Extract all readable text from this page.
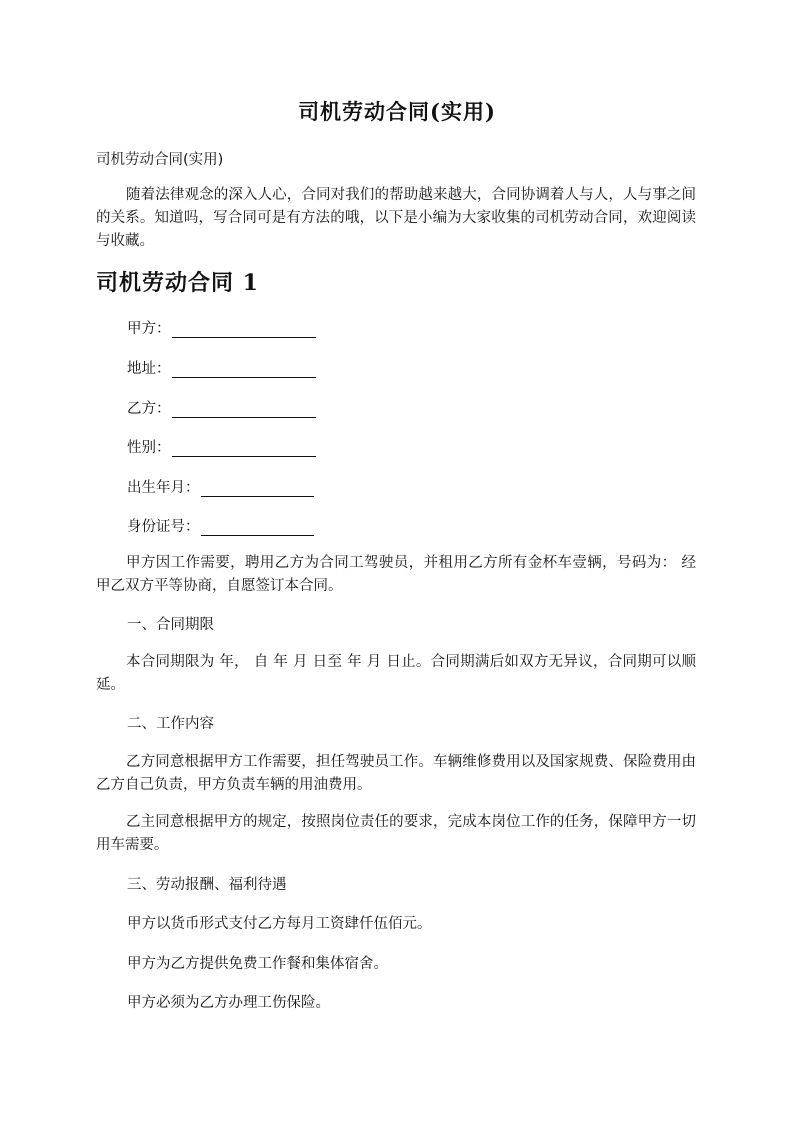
司机劳动合同(实用)
司机劳动合同(实用)
随着法律观念的深入人心，合同对我们的帮助越来越大，合同协调着人与人，人与事之间的关系。知道吗，写合同可是有方法的哦，以下是小编为大家收集的司机劳动合同，欢迎阅读与收藏。
司机劳动合同 1
甲方：
地址：
乙方：
性别：
出生年月：
身份证号：
甲方因工作需要，聘用乙方为合同工驾驶员，并租用乙方所有金杯车壹辆，号码为： 经甲乙双方平等协商，自愿签订本合同。
一、合同期限
本合同期限为 年， 自 年 月 日至 年 月 日止。合同期满后如双方无异议，合同期可以顺延。
二、工作内容
乙方同意根据甲方工作需要，担任驾驶员工作。车辆维修费用以及国家规费、保险费用由乙方自己负责，甲方负责车辆的用油费用。
乙主同意根据甲方的规定，按照岗位责任的要求，完成本岗位工作的任务，保障甲方一切用车需要。
三、劳动报酬、福利待遇
甲方以货币形式支付乙方每月工资肆仟伍佰元。
甲方为乙方提供免费工作餐和集体宿舍。
甲方必须为乙方办理工伤保险。
